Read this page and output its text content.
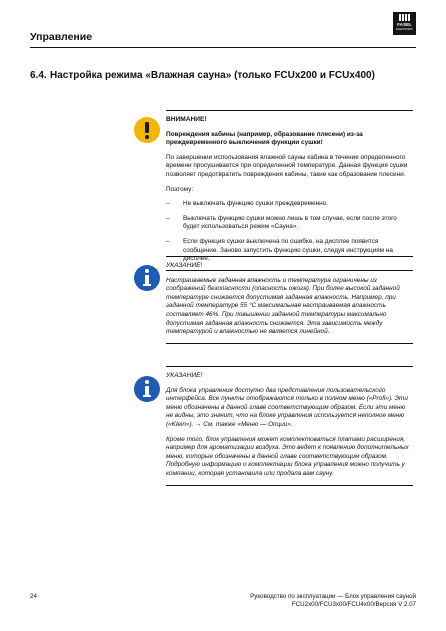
Управление
FASEL
ELEKTRONIK
6.4. Настройка режима «Влажная сауна» (только FCUx200 и FCUx400)
ВНИМАНИЕ!

Повреждения кабины (например, образование плесени) из-за преждевременного выключения функции сушки!

По завершении использования влажной сауны кабина в течение определенного времени просушивается при определенной температуре. Данная функция сушки позволяет предотвратить повреждения кабины, такие как образование плесени.

Поэтому:

–	Не выключать функцию сушки преждевременно.
–	Выключать функцию сушки можно лишь в том случае, если после этого будет использоваться режим «Сауна».
–	Если функция сушки выключена по ошибке, на дисплее появится сообщение. Заново запустить функцию сушки, следуя инструкциям на дисплее.
УКАЗАНИЕ!

Настраиваемые заданная влажность и температура ограничены из соображений безопасности (опасность ожога). При более высокой заданной температуре снижается допустимая заданная влажность. Например, при заданной температуре 55 °C максимальная настраиваемая влажность составляет 46%. При повышении заданной температуры максимально допустимая заданная влажность снижается. Эта зависимость между температурой и влажностью не является линейной.

УКАЗАНИЕ!

Для блока управления доступно два представления пользовательского интерфейса. Все пункты отображаются только в полном меню («Profi»). Эти меню обозначены в данной главе соответствующим образом. Если эти меню не видны, это значит, что на блоке управления используется неполное меню («Klein»). → См. также «Меню — Опции».

Кроме того, блок управления может комплектоваться платами расширения, например для ароматизации воздуха. Это ведет к появлению дополнительных меню, которые обозначены в данной главе соответствующим образом. Подробную информацию о комплектации блока управления можно получить у компании, которая установила или продала вам сауну.

24	Руководство по эксплуатации — Блок управления сауной
FCU2x00/FCU3x00/FCU4x00/Версия V 2.07
